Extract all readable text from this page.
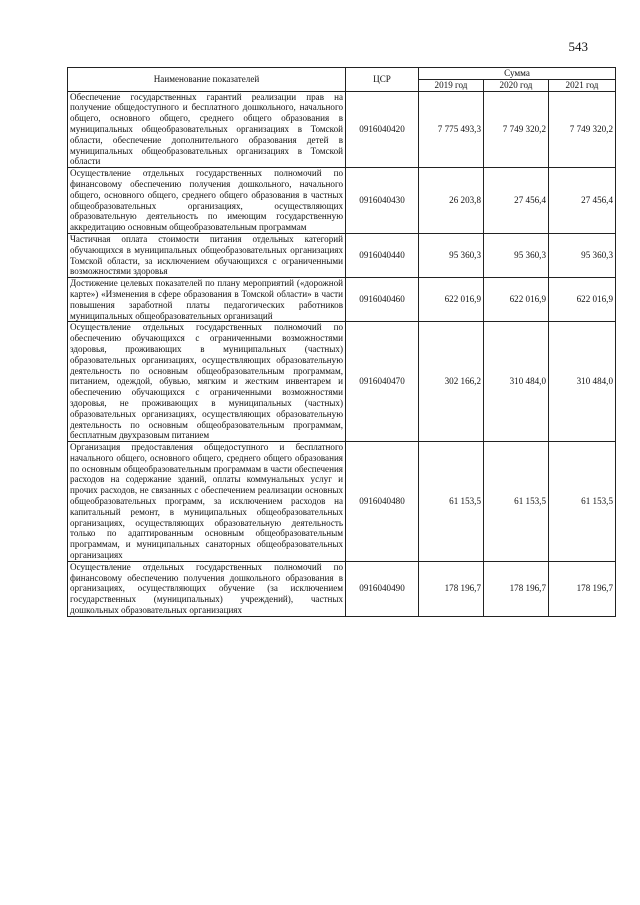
543
Наименование показателей	ЦСР	Сумма		
		2019 год	2020 год	2021 год
Обеспечение государственных гарантий реализации прав на получение общедоступного и бесплатного дошкольного, начального общего, основного общего, среднего общего образования в муниципальных общеобразовательных организациях в Томской области, обеспечение дополнительного образования детей в муниципальных общеобразовательных организациях в Томской области	0916040420	7 775 493,3	7 749 320,2	7 749 320,2
Осуществление отдельных государственных полномочий по финансовому обеспечению получения дошкольного, начального общего, основного общего, среднего общего образования в частных общеобразовательных организациях, осуществляющих образовательную деятельность по имеющим государственную аккредитацию основным общеобразовательным программам	0916040430	26 203,8	27 456,4	27 456,4
Частичная оплата стоимости питания отдельных категорий обучающихся в муниципальных общеобразовательных организациях Томской области, за исключением обучающихся с ограниченными возможностями здоровья	0916040440	95 360,3	95 360,3	95 360,3
Достижение целевых показателей по плану мероприятий («дорожной карте») «Изменения в сфере образования в Томской области» в части повышения заработной платы педагогических работников муниципальных общеобразовательных организаций	0916040460	622 016,9	622 016,9	622 016,9
Осуществление отдельных государственных полномочий по обеспечению обучающихся с ограниченными возможностями здоровья, проживающих в муниципальных (частных) образовательных организациях, осуществляющих образовательную деятельность по основным общеобразовательным программам, питанием, одеждой, обувью, мягким и жестким инвентарем и обеспечению обучающихся с ограниченными возможностями здоровья, не проживающих в муниципальных (частных) образовательных организациях, осуществляющих образовательную деятельность по основным общеобразовательным программам, бесплатным двухразовым питанием	0916040470	302 166,2	310 484,0	310 484,0
Организация предоставления общедоступного и бесплатного начального общего, основного общего, среднего общего образования по основным общеобразовательным программам в части обеспечения расходов на содержание зданий, оплаты коммунальных услуг и прочих расходов, не связанных с обеспечением реализации основных общеобразовательных программ, за исключением расходов на капитальный ремонт, в муниципальных общеобразовательных организациях, осуществляющих образовательную деятельность только по адаптированным основным общеобразовательным программам, и муниципальных санаторных общеобразовательных организациях	0916040480	61 153,5	61 153,5	61 153,5
Осуществление отдельных государственных полномочий по финансовому обеспечению получения дошкольного образования в организациях, осуществляющих обучение (за исключением государственных (муниципальных) учреждений), частных дошкольных образовательных организациях	0916040490	178 196,7	178 196,7	178 196,7
